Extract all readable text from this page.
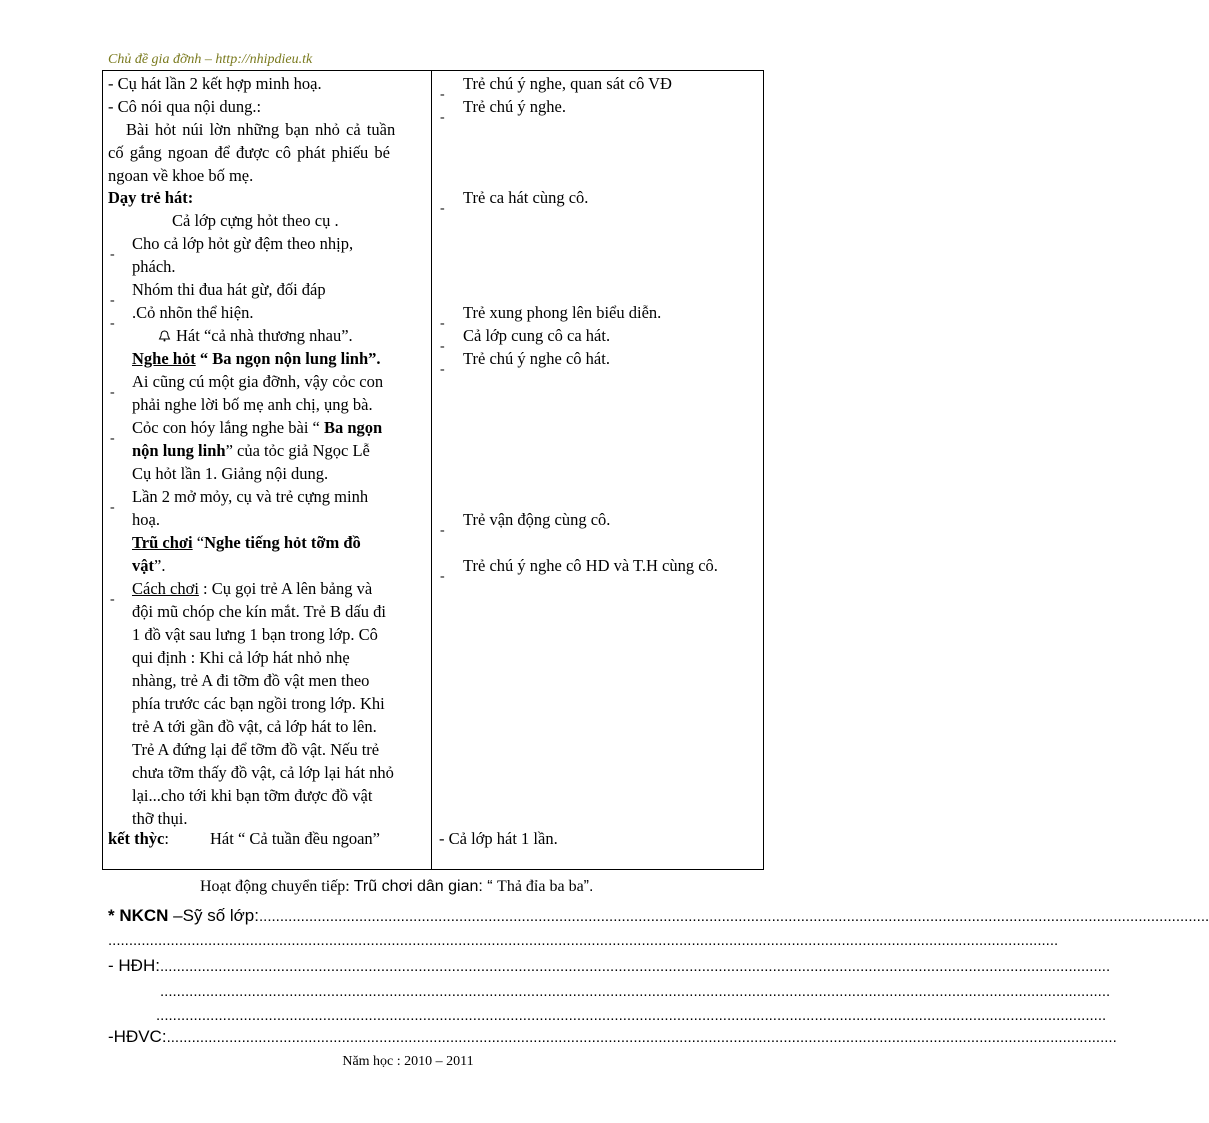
Chủ đề gia đỡnh – http://nhipdieu.tk
- Cụ hát lần 2 kết hợp minh hoạ.
- Cô nói qua nội dung.:
Bài hỏt núi lờn những bạn nhỏ cả tuần
cố gắng ngoan để được cô phát phiếu bé
ngoan về khoe bố mẹ.
Dạy trẻ hát:
Cả lớp cựng hỏt theo cụ .
-
Cho cả lớp hỏt gừ đệm theo nhịp,
phách.
-
Nhóm thi đua hát gừ, đối đáp
-
.Cỏ nhõn thể hiện.
Hát “cả nhà thương nhau”.
Nghe hỏt “ Ba ngọn nộn lung linh”.
-
Ai cũng cú một gia đỡnh, vậy cỏc con
phải nghe lời bố mẹ anh chị, ụng bà.
-
Cỏc con hóy lắng nghe bài “ Ba ngọn
nộn lung linh” của tỏc giả Ngọc Lễ
Cụ hỏt lần 1. Giảng nội dung.
-
Lần 2 mở mỏy, cụ và trẻ cựng minh
hoạ.
Trũ chơi “Nghe tiếng hỏt tỡm đồ
vật”.
-
Cách chơi : Cụ gọi trẻ A lên bảng và
đội mũ chóp che kín mắt. Trẻ B dấu đi
1 đồ vật sau lưng 1 bạn trong lớp. Cô
qui định : Khi cả lớp hát nhỏ nhẹ
nhàng, trẻ A đi tỡm đồ vật men theo
phía trước các bạn ngồi trong lớp. Khi
trẻ A tới gần đồ vật, cả lớp hát to lên.
Trẻ A đứng lại để tỡm đồ vật. Nếu trẻ
chưa tỡm thấy đồ vật, cả lớp lại hát nhỏ
lại...cho tới khi bạn tỡm được đồ vật
thỡ thụi.
kết thỳc: Hát “ Cả tuần đều ngoan”
-
Trẻ chú ý nghe, quan sát cô VĐ
-
Trẻ chú ý nghe.
-
Trẻ ca hát cùng cô.
-
Trẻ xung phong lên biểu diễn.
-
Cả lớp cung cô ca hát.
-
Trẻ chú ý nghe cô hát.
-
Trẻ vận động cùng cô.
-
Trẻ chú ý nghe cô HD và T.H cùng cô.
- Cả lớp hát 1 lần.
Hoạt động chuyển tiếp: Trũ chơi dân gian: “ Thả đỉa ba ba”.
* NKCN –Sỹ số lớp:....................................................................................................................................................................................................................................
....................................................................................................................................................................................................................................
- HĐH:....................................................................................................................................................................................................................................
....................................................................................................................................................................................................................................
....................................................................................................................................................................................................................................
-HĐVC:....................................................................................................................................................................................................................................
Năm học : 2010 – 2011
